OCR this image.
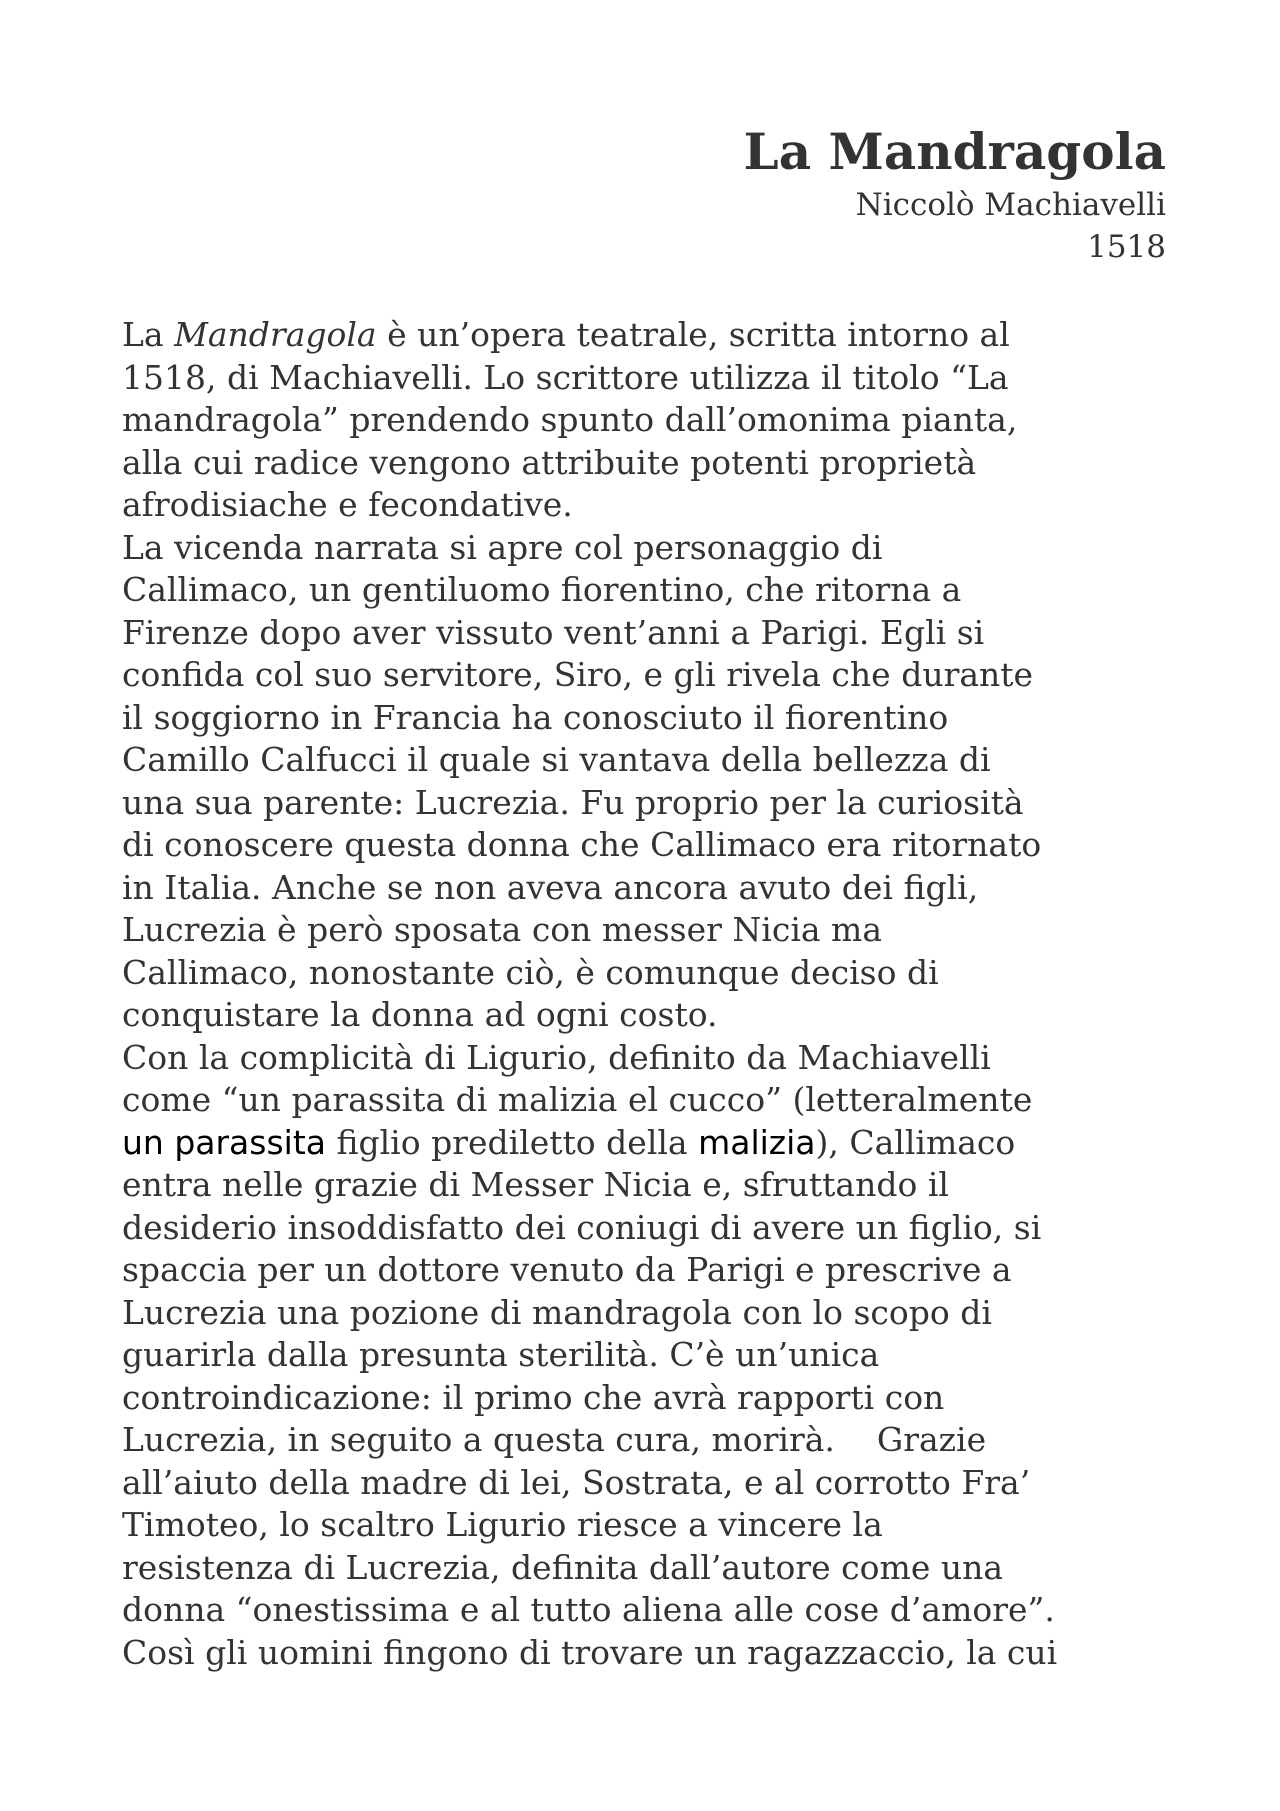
La Mandragola
Niccolò Machiavelli
1518
La Mandragola è un’opera teatrale, scritta intorno al
1518, di Machiavelli. Lo scrittore utilizza il titolo “La
mandragola” prendendo spunto dall’omonima pianta,
alla cui radice vengono attribuite potenti proprietà
afrodisiache e fecondative.
La vicenda narrata si apre col personaggio di
Callimaco, un gentiluomo fiorentino, che ritorna a
Firenze dopo aver vissuto vent’anni a Parigi. Egli si
confida col suo servitore, Siro, e gli rivela che durante
il soggiorno in Francia ha conosciuto il fiorentino
Camillo Calfucci il quale si vantava della bellezza di
una sua parente: Lucrezia. Fu proprio per la curiosità
di conoscere questa donna che Callimaco era ritornato
in Italia. Anche se non aveva ancora avuto dei figli,
Lucrezia è però sposata con messer Nicia ma
Callimaco, nonostante ciò, è comunque deciso di
conquistare la donna ad ogni costo.
Con la complicità di Ligurio, definito da Machiavelli
come “un parassita di malizia el cucco” (letteralmente
un parassita figlio prediletto della malizia), Callimaco
entra nelle grazie di Messer Nicia e, sfruttando il
desiderio insoddisfatto dei coniugi di avere un figlio, si
spaccia per un dottore venuto da Parigi e prescrive a
Lucrezia una pozione di mandragola con lo scopo di
guarirla dalla presunta sterilità. C’è un’unica
controindicazione: il primo che avrà rapporti con
Lucrezia, in seguito a questa cura, morirà.    Grazie
all’aiuto della madre di lei, Sostrata, e al corrotto Fra’
Timoteo, lo scaltro Ligurio riesce a vincere la
resistenza di Lucrezia, definita dall’autore come una
donna “onestissima e al tutto aliena alle cose d’amore”.
Così gli uomini fingono di trovare un ragazzaccio, la cui
